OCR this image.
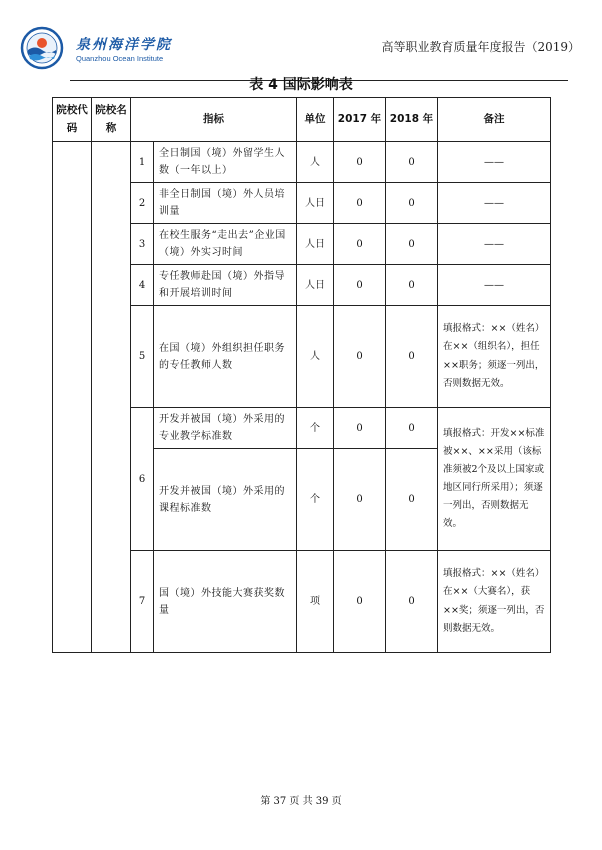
泉州海洋学院
Quanzhou Ocean Institute
高等职业教育质量年度报告（2019）
表 4 国际影响表
院校代码	院校名称	指标		单位	2017 年	2018 年	备注
		1	全日制国（境）外留学生人数（一年以上）	人	0	0	——
		2	非全日制国（境）外人员培训量	人日	0	0	——
		3	在校生服务“走出去”企业国（境）外实习时间	人日	0	0	——
		4	专任教师赴国（境）外指导和开展培训时间	人日	0	0	——
		5	在国（境）外组织担任职务的专任教师人数	人	0	0	填报格式：××（姓名）在××（组织名），担任××职务；须逐一列出，否则数据无效。
		6	开发并被国（境）外采用的专业教学标准数	个	0	0	填报格式：开发××标准被××、××采用（该标准须被2个及以上国家或地区同行所采用）；须逐一列出，否则数据无效。
			开发并被国（境）外采用的课程标准数	个	0	0	
		7	国（境）外技能大赛获奖数量	项	0	0	填报格式：××（姓名）在××（大赛名），获××奖；须逐一列出，否则数据无效。
第 37 页 共 39 页
